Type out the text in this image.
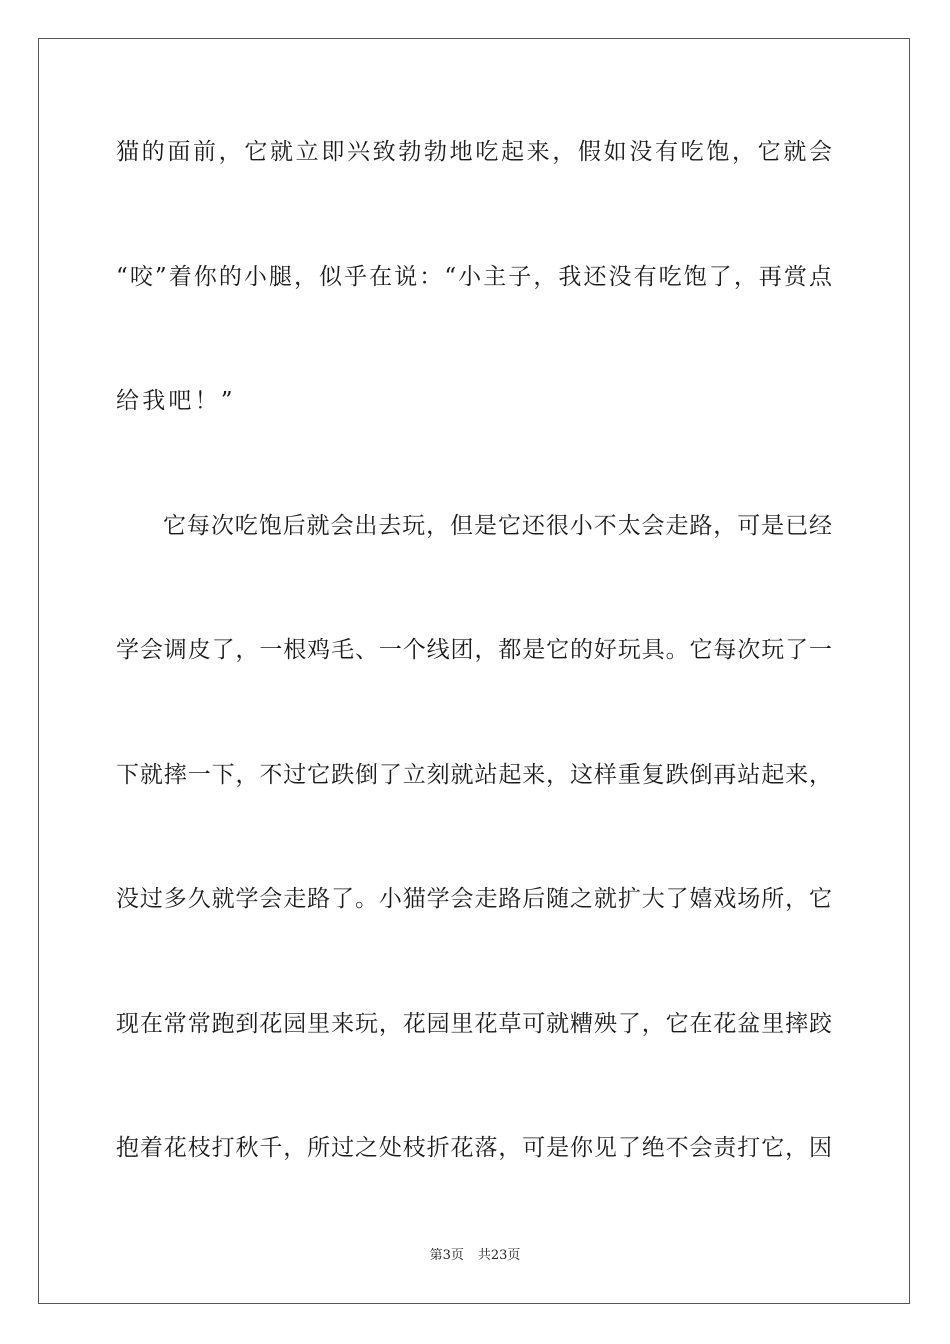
猫的面前，它就立即兴致勃勃地吃起来，假如没有吃饱，它就会
“咬”着你的小腿，似乎在说：“小主子，我还没有吃饱了，再赏点
给我吧！”
它每次吃饱后就会出去玩，但是它还很小不太会走路，可是已经
学会调皮了，一根鸡毛、一个线团，都是它的好玩具。它每次玩了一
下就摔一下，不过它跌倒了立刻就站起来，这样重复跌倒再站起来，
没过多久就学会走路了。小猫学会走路后随之就扩大了嬉戏场所，它
现在常常跑到花园里来玩，花园里花草可就糟殃了，它在花盆里摔跤
抱着花枝打秋千，所过之处枝折花落，可是你见了绝不会责打它，因
第3页 共23页
